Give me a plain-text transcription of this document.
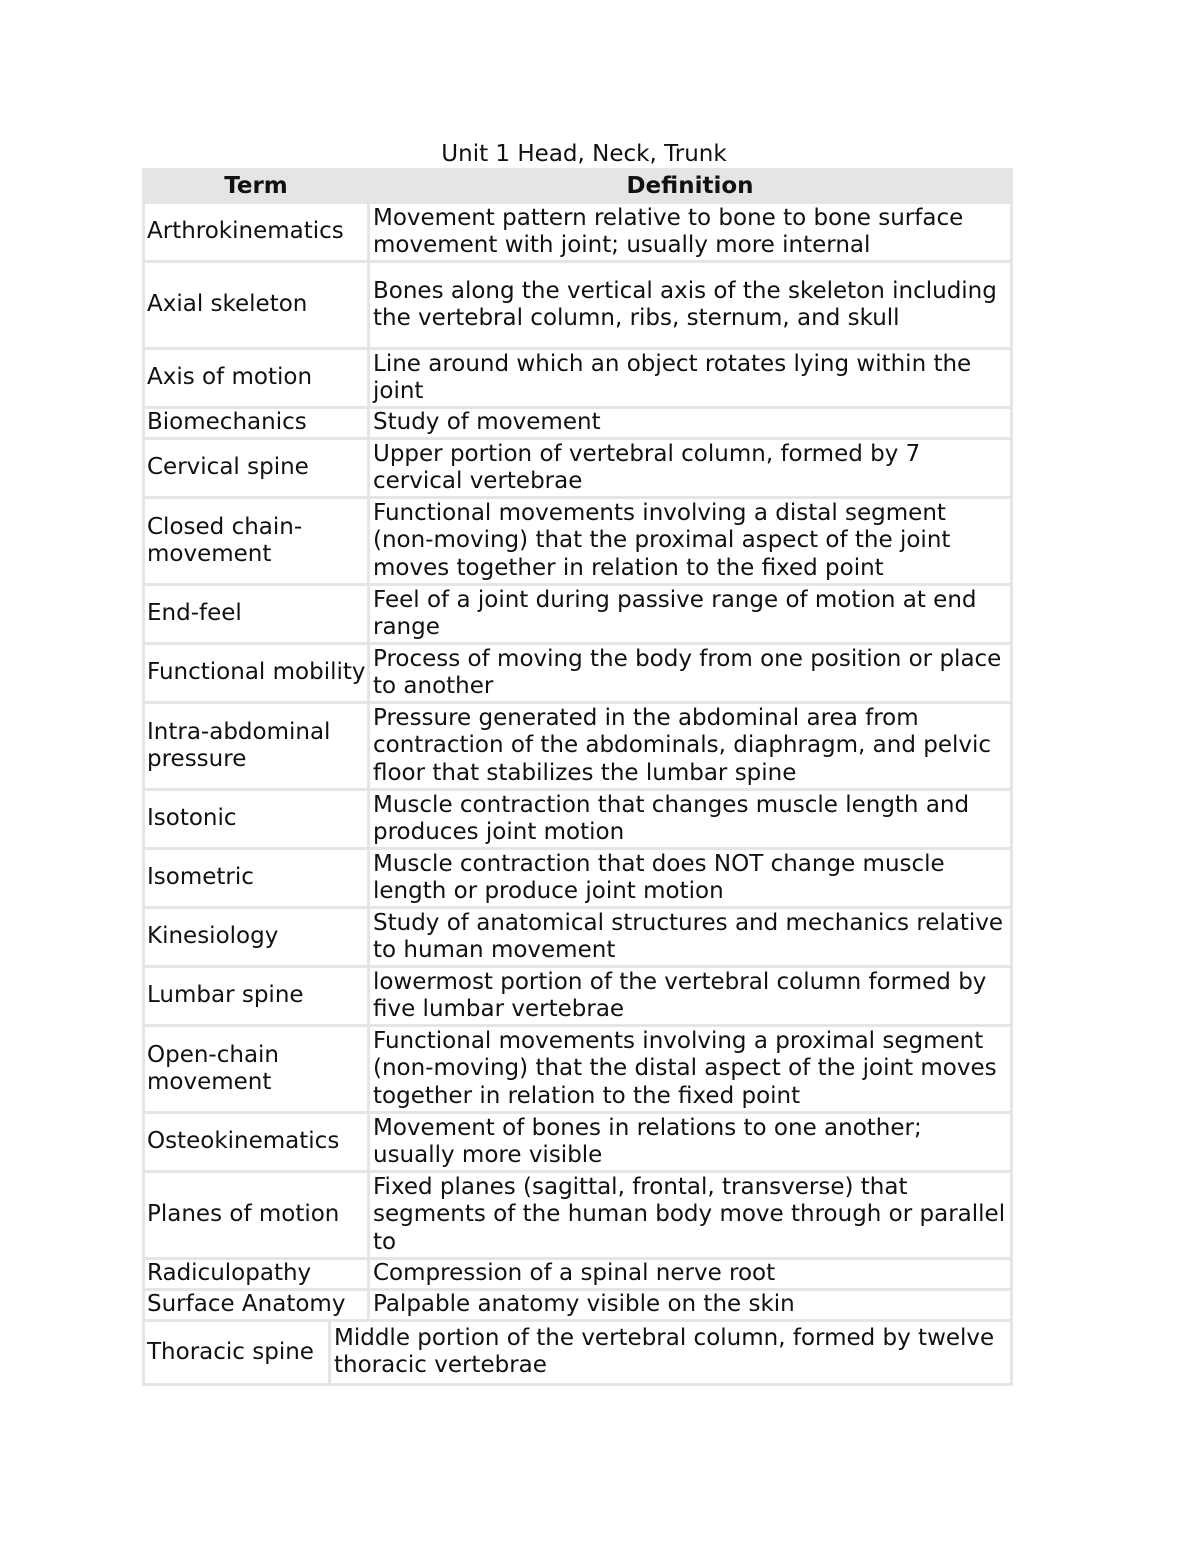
Unit 1 Head, Neck, Trunk
Term	Definition
Arthrokinematics	Movement pattern relative to bone to bone surface movement with joint; usually more internal
Axial skeleton	Bones along the vertical axis of the skeleton including the vertebral column, ribs, sternum, and skull
Axis of motion	Line around which an object rotates lying within the joint
Biomechanics	Study of movement
Cervical spine	Upper portion of vertebral column, formed by 7 cervical vertebrae
Closed chain-movement	Functional movements involving a distal segment (non-moving) that the proximal aspect of the joint moves together in relation to the fixed point
End-feel	Feel of a joint during passive range of motion at end range
Functional mobility	Process of moving the body from one position or place to another
Intra-abdominal pressure	Pressure generated in the abdominal area from contraction of the abdominals, diaphragm, and pelvic floor that stabilizes the lumbar spine
Isotonic	Muscle contraction that changes muscle length and produces joint motion
Isometric	Muscle contraction that does NOT change muscle length or produce joint motion
Kinesiology	Study of anatomical structures and mechanics relative to human movement
Lumbar spine	lowermost portion of the vertebral column formed by five lumbar vertebrae
Open-chain movement	Functional movements involving a proximal segment (non-moving) that the distal aspect of the joint moves together in relation to the fixed point
Osteokinematics	Movement of bones in relations to one another; usually more visible
Planes of motion	Fixed planes (sagittal, frontal, transverse) that segments of the human body move through or parallel to
Radiculopathy	Compression of a spinal nerve root
Surface Anatomy	Palpable anatomy visible on the skin
Thoracic spine	Middle portion of the vertebral column, formed by twelve thoracic vertebrae
